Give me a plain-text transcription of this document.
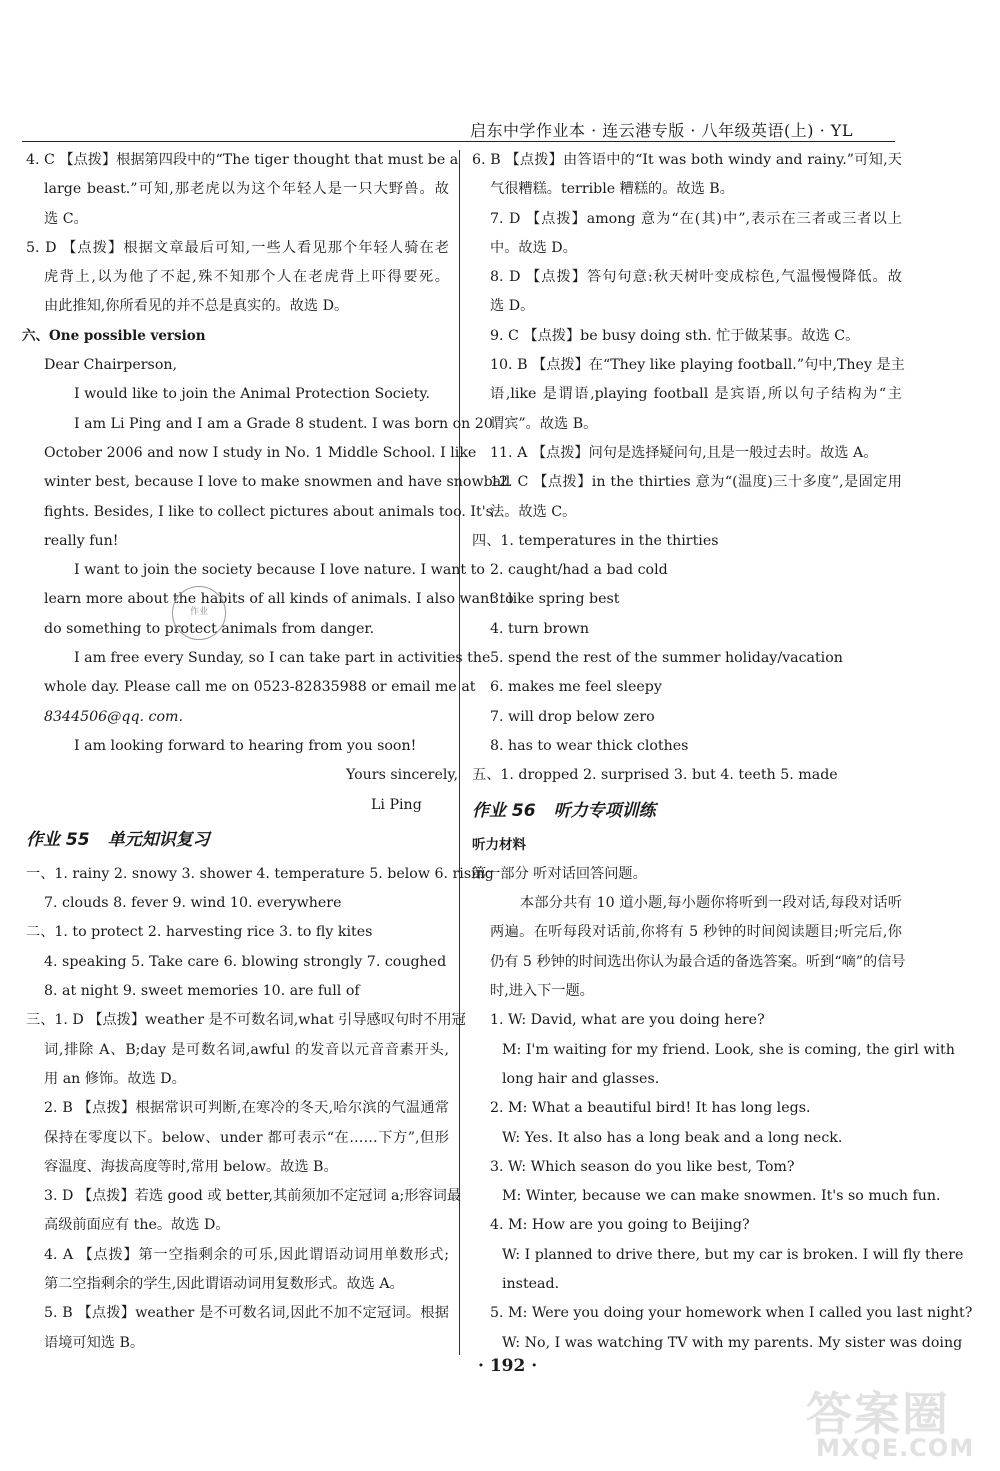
启东中学作业本 · 连云港专版 · 八年级英语(上) · YL
4. C 【点拨】根据第四段中的“The tiger thought that must be a
large beast.”可知,那老虎以为这个年轻人是一只大野兽。故
选 C。
5. D 【点拨】根据文章最后可知,一些人看见那个年轻人骑在老
虎背上,以为他了不起,殊不知那个人在老虎背上吓得要死。
由此推知,你所看见的并不总是真实的。故选 D。
六、One possible version
Dear Chairperson,
I would like to join the Animal Protection Society.
I am Li Ping and I am a Grade 8 student. I was born on 20
October 2006 and now I study in No. 1 Middle School. I like
winter best, because I love to make snowmen and have snowball
fights. Besides, I like to collect pictures about animals too. It's
really fun!
I want to join the society because I love nature. I want to
learn more about the habits of all kinds of animals. I also want to
do something to protect animals from danger.
I am free every Sunday, so I can take part in activities the
whole day. Please call me on 0523-82835988 or email me at
8344506@qq. com.
I am looking forward to hearing from you soon!
Yours sincerely,
Li Ping
作业 55 单元知识复习
一、1. rainy 2. snowy 3. shower 4. temperature 5. below 6. rising
7. clouds 8. fever 9. wind 10. everywhere
二、1. to protect 2. harvesting rice 3. to fly kites
4. speaking 5. Take care 6. blowing strongly 7. coughed
8. at night 9. sweet memories 10. are full of
三、1. D 【点拨】weather 是不可数名词,what 引导感叹句时不用冠
词,排除 A、B;day 是可数名词,awful 的发音以元音音素开头,
用 an 修饰。故选 D。
2. B 【点拨】根据常识可判断,在寒冷的冬天,哈尔滨的气温通常
保持在零度以下。below、under 都可表示“在……下方”,但形
容温度、海拔高度等时,常用 below。故选 B。
3. D 【点拨】若选 good 或 better,其前须加不定冠词 a;形容词最
高级前面应有 the。故选 D。
4. A 【点拨】第一空指剩余的可乐,因此谓语动词用单数形式;
第二空指剩余的学生,因此谓语动词用复数形式。故选 A。
5. B 【点拨】weather 是不可数名词,因此不加不定冠词。根据
语境可知选 B。
作业
6. B 【点拨】由答语中的“It was both windy and rainy.”可知,天
气很糟糕。terrible 糟糕的。故选 B。
7. D 【点拨】among 意为“在(其)中”,表示在三者或三者以上
中。故选 D。
8. D 【点拨】答句句意:秋天树叶变成棕色,气温慢慢降低。故
选 D。
9. C 【点拨】be busy doing sth. 忙于做某事。故选 C。
10. B 【点拨】在“They like playing football.”句中,They 是主
语,like 是谓语,playing football 是宾语,所以句子结构为“主
谓宾”。故选 B。
11. A 【点拨】问句是选择疑问句,且是一般过去时。故选 A。
12. C 【点拨】in the thirties 意为“(温度)三十多度”,是固定用
法。故选 C。
四、1. temperatures in the thirties
2. caught/had a bad cold
3. like spring best
4. turn brown
5. spend the rest of the summer holiday/vacation
6. makes me feel sleepy
7. will drop below zero
8. has to wear thick clothes
五、1. dropped 2. surprised 3. but 4. teeth 5. made
作业 56 听力专项训练
听力材料
第一部分 听对话回答问题。
本部分共有 10 道小题,每小题你将听到一段对话,每段对话听
两遍。在听每段对话前,你将有 5 秒钟的时间阅读题目;听完后,你
仍有 5 秒钟的时间选出你认为最合适的备选答案。听到“嘀”的信号
时,进入下一题。
1. W: David, what are you doing here?
M: I'm waiting for my friend. Look, she is coming, the girl with
long hair and glasses.
2. M: What a beautiful bird! It has long legs.
W: Yes. It also has a long beak and a long neck.
3. W: Which season do you like best, Tom?
M: Winter, because we can make snowmen. It's so much fun.
4. M: How are you going to Beijing?
W: I planned to drive there, but my car is broken. I will fly there
instead.
5. M: Were you doing your homework when I called you last night?
W: No, I was watching TV with my parents. My sister was doing
· 192 ·
答案圈
MXQE.COM
